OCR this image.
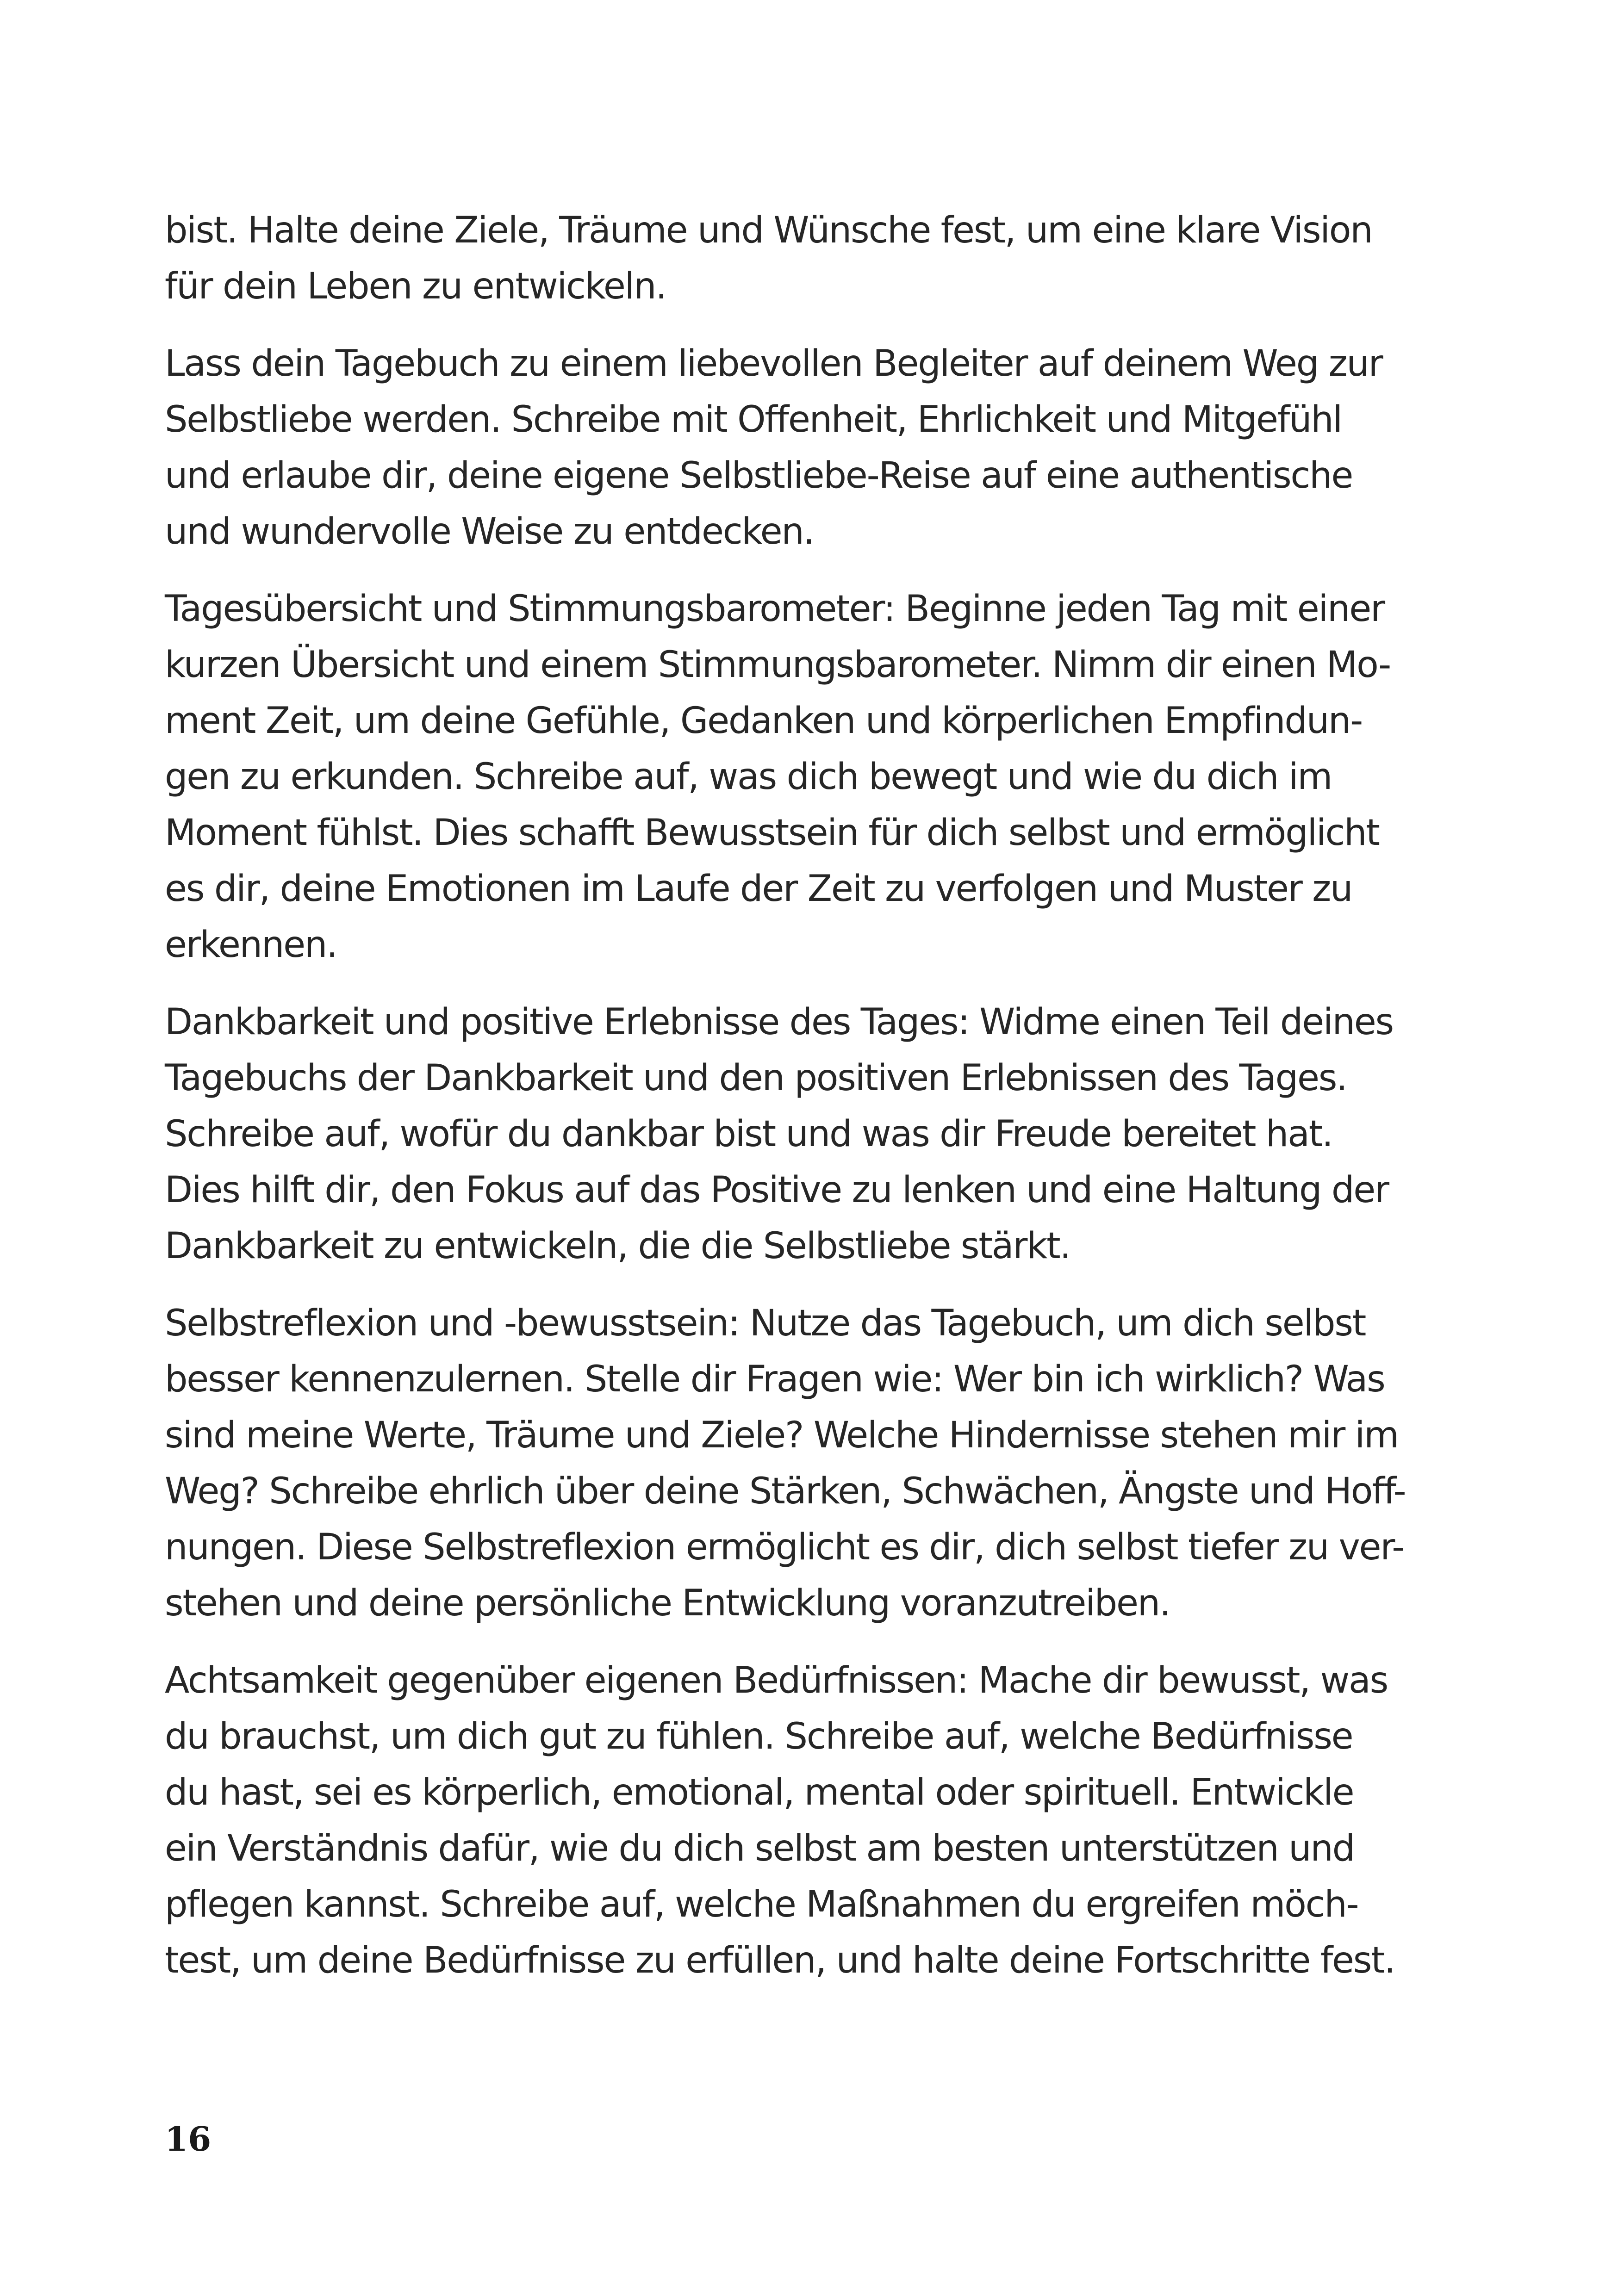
bist. Halte deine Ziele, Träume und Wünsche fest, um eine klare Vision
für dein Leben zu entwickeln.

Lass dein Tagebuch zu einem liebevollen Begleiter auf deinem Weg zur
Selbstliebe werden. Schreibe mit Offenheit, Ehrlichkeit und Mitgefühl
und erlaube dir, deine eigene Selbstliebe-Reise auf eine authentische
und wundervolle Weise zu entdecken.

Tagesübersicht und Stimmungsbarometer: Beginne jeden Tag mit einer
kurzen Übersicht und einem Stimmungsbarometer. Nimm dir einen Mo-
ment Zeit, um deine Gefühle, Gedanken und körperlichen Empfindun-
gen zu erkunden. Schreibe auf, was dich bewegt und wie du dich im
Moment fühlst. Dies schafft Bewusstsein für dich selbst und ermöglicht
es dir, deine Emotionen im Laufe der Zeit zu verfolgen und Muster zu
erkennen.

Dankbarkeit und positive Erlebnisse des Tages: Widme einen Teil deines
Tagebuchs der Dankbarkeit und den positiven Erlebnissen des Tages.
Schreibe auf, wofür du dankbar bist und was dir Freude bereitet hat.
Dies hilft dir, den Fokus auf das Positive zu lenken und eine Haltung der
Dankbarkeit zu entwickeln, die die Selbstliebe stärkt.

Selbstreflexion und -bewusstsein: Nutze das Tagebuch, um dich selbst
besser kennenzulernen. Stelle dir Fragen wie: Wer bin ich wirklich? Was
sind meine Werte, Träume und Ziele? Welche Hindernisse stehen mir im
Weg? Schreibe ehrlich über deine Stärken, Schwächen, Ängste und Hoff-
nungen. Diese Selbstreflexion ermöglicht es dir, dich selbst tiefer zu ver-
stehen und deine persönliche Entwicklung voranzutreiben.

Achtsamkeit gegenüber eigenen Bedürfnissen: Mache dir bewusst, was
du brauchst, um dich gut zu fühlen. Schreibe auf, welche Bedürfnisse
du hast, sei es körperlich, emotional, mental oder spirituell. Entwickle
ein Verständnis dafür, wie du dich selbst am besten unterstützen und
pflegen kannst. Schreibe auf, welche Maßnahmen du ergreifen möch-
test, um deine Bedürfnisse zu erfüllen, und halte deine Fortschritte fest.

16
